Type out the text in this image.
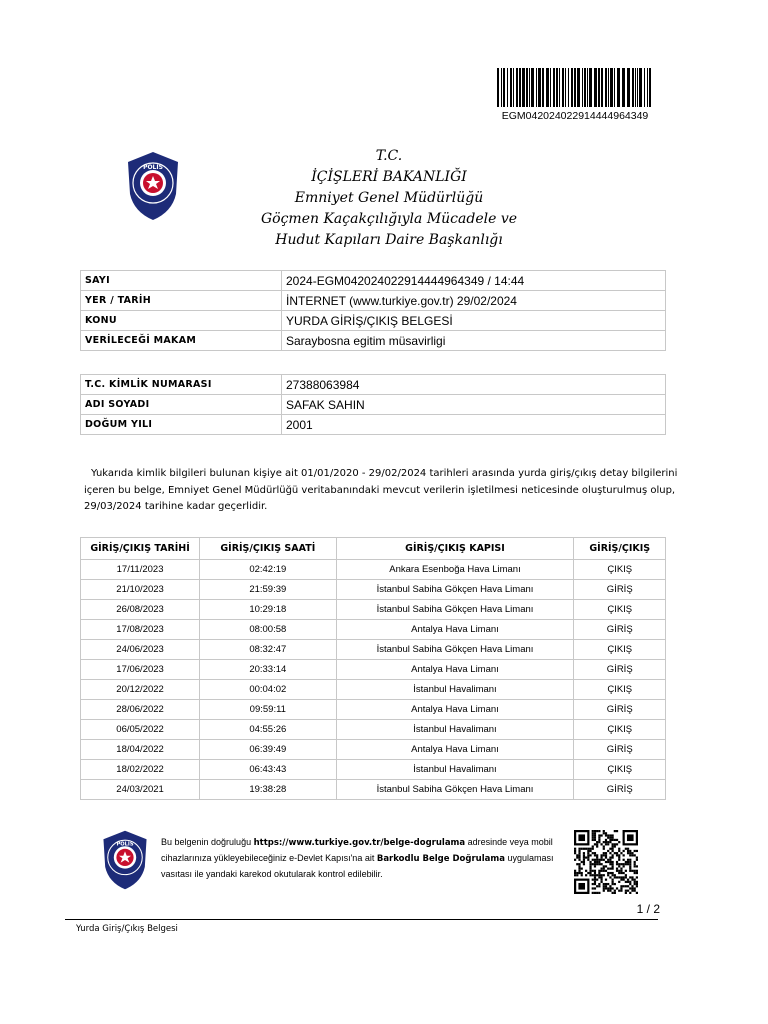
EGM042024022914444964349
POLİS
T.C.
İÇİŞLERİ BAKANLIĞI
Emniyet Genel Müdürlüğü
Göçmen Kaçakçılığıyla Mücadele ve
Hudut Kapıları Daire Başkanlığı
SAYI	2024-EGM042024022914444964349 / 14:44
YER / TARİH	İNTERNET (www.turkiye.gov.tr) 29/02/2024
KONU	YURDA GİRİŞ/ÇIKIŞ BELGESİ
VERİLECEĞİ MAKAM	Saraybosna egitim müsavirligi
T.C. KİMLİK NUMARASI	27388063984
ADI SOYADI	SAFAK SAHIN
DOĞUM YILI	2001
Yukarıda kimlik bilgileri bulunan kişiye ait 01/01/2020 - 29/02/2024 tarihleri arasında yurda giriş/çıkış detay bilgilerini içeren bu belge, Emniyet Genel Müdürlüğü veritabanındaki mevcut verilerin işletilmesi neticesinde oluşturulmuş olup, 29/03/2024 tarihine kadar geçerlidir.
GİRİŞ/ÇIKIŞ TARİHİ	GİRİŞ/ÇIKIŞ SAATİ	GİRİŞ/ÇIKIŞ KAPISI	GİRİŞ/ÇIKIŞ
17/11/2023	02:42:19	Ankara Esenboğa Hava Limanı	ÇIKIŞ
21/10/2023	21:59:39	İstanbul Sabiha Gökçen Hava Limanı	GİRİŞ
26/08/2023	10:29:18	İstanbul Sabiha Gökçen Hava Limanı	ÇIKIŞ
17/08/2023	08:00:58	Antalya Hava Limanı	GİRİŞ
24/06/2023	08:32:47	İstanbul Sabiha Gökçen Hava Limanı	ÇIKIŞ
17/06/2023	20:33:14	Antalya Hava Limanı	GİRİŞ
20/12/2022	00:04:02	İstanbul Havalimanı	ÇIKIŞ
28/06/2022	09:59:11	Antalya Hava Limanı	GİRİŞ
06/05/2022	04:55:26	İstanbul Havalimanı	ÇIKIŞ
18/04/2022	06:39:49	Antalya Hava Limanı	GİRİŞ
18/02/2022	06:43:43	İstanbul Havalimanı	ÇIKIŞ
24/03/2021	19:38:28	İstanbul Sabiha Gökçen Hava Limanı	GİRİŞ
POLİS	Bu belgenin doğruluğu https://www.turkiye.gov.tr/belge-dogrulama adresinde veya mobil cihazlarınıza yükleyebileceğiniz e-Devlet Kapısı'na ait Barkodlu Belge Doğrulama uygulaması vasıtası ile yandaki karekod okutularak kontrol edilebilir.
1 / 2
Yurda Giriş/Çıkış Belgesi
